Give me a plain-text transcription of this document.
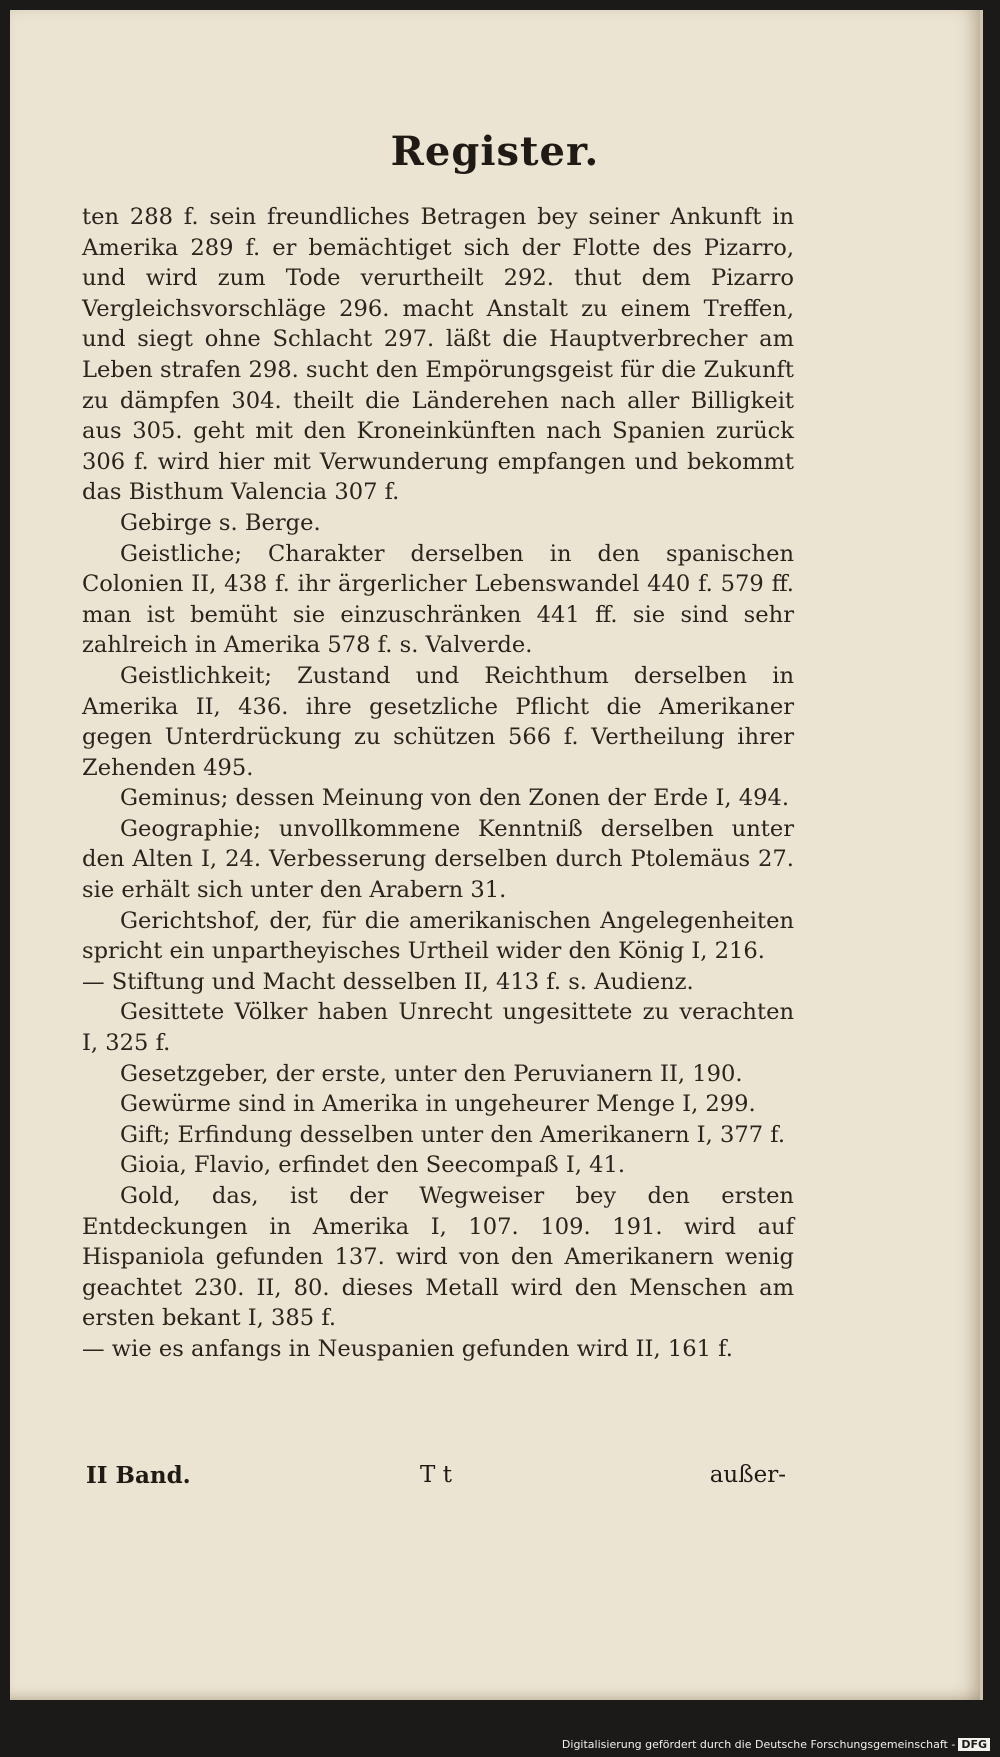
Register.

ten 288 f. sein freundliches Betragen bey seiner Ankunft in Amerika 289 f. er bemächtiget sich der Flotte des Pizarro, und wird zum Tode verurtheilt 292. thut dem Pizarro Vergleichsvorschläge 296. macht Anstalt zu einem Treffen, und siegt ohne Schlacht 297. läßt die Hauptverbrecher am Leben strafen 298. sucht den Empörungsgeist für die Zukunft zu dämpfen 304. theilt die Länderehen nach aller Billigkeit aus 305. geht mit den Kroneinkünften nach Spanien zurück 306 f. wird hier mit Verwunderung empfangen und bekommt das Bisthum Valencia 307 f.

Gebirge s. Berge.

Geistliche; Charakter derselben in den spanischen Colonien II, 438 f. ihr ärgerlicher Lebenswandel 440 f. 579 ff. man ist bemüht sie einzuschränken 441 ff. sie sind sehr zahlreich in Amerika 578 f. s. Valverde.

Geistlichkeit; Zustand und Reichthum derselben in Amerika II, 436. ihre gesetzliche Pflicht die Amerikaner gegen Unterdrückung zu schützen 566 f. Vertheilung ihrer Zehenden 495.

Geminus; dessen Meinung von den Zonen der Erde I, 494.

Geographie; unvollkommene Kenntniß derselben unter den Alten I, 24. Verbesserung derselben durch Ptolemäus 27. sie erhält sich unter den Arabern 31.

Gerichtshof, der, für die amerikanischen Angelegenheiten spricht ein unpartheyisches Urtheil wider den König I, 216.

— Stiftung und Macht desselben II, 413 f. s. Audienz.

Gesittete Völker haben Unrecht ungesittete zu verachten I, 325 f.

Gesetzgeber, der erste, unter den Peruvianern II, 190.

Gewürme sind in Amerika in ungeheurer Menge I, 299.

Gift; Erfindung desselben unter den Amerikanern I, 377 f.

Gioia, Flavio, erfindet den Seecompaß I, 41.

Gold, das, ist der Wegweiser bey den ersten Entdeckungen in Amerika I, 107. 109. 191. wird auf Hispaniola gefunden 137. wird von den Amerikanern wenig geachtet 230. II, 80. dieses Metall wird den Menschen am ersten bekant I, 385 f.

— wie es anfangs in Neuspanien gefunden wird II, 161 f.

II Band.	T t	außer-
Digitalisierung gefördert durch die Deutsche Forschungsgemeinschaft - DFG
